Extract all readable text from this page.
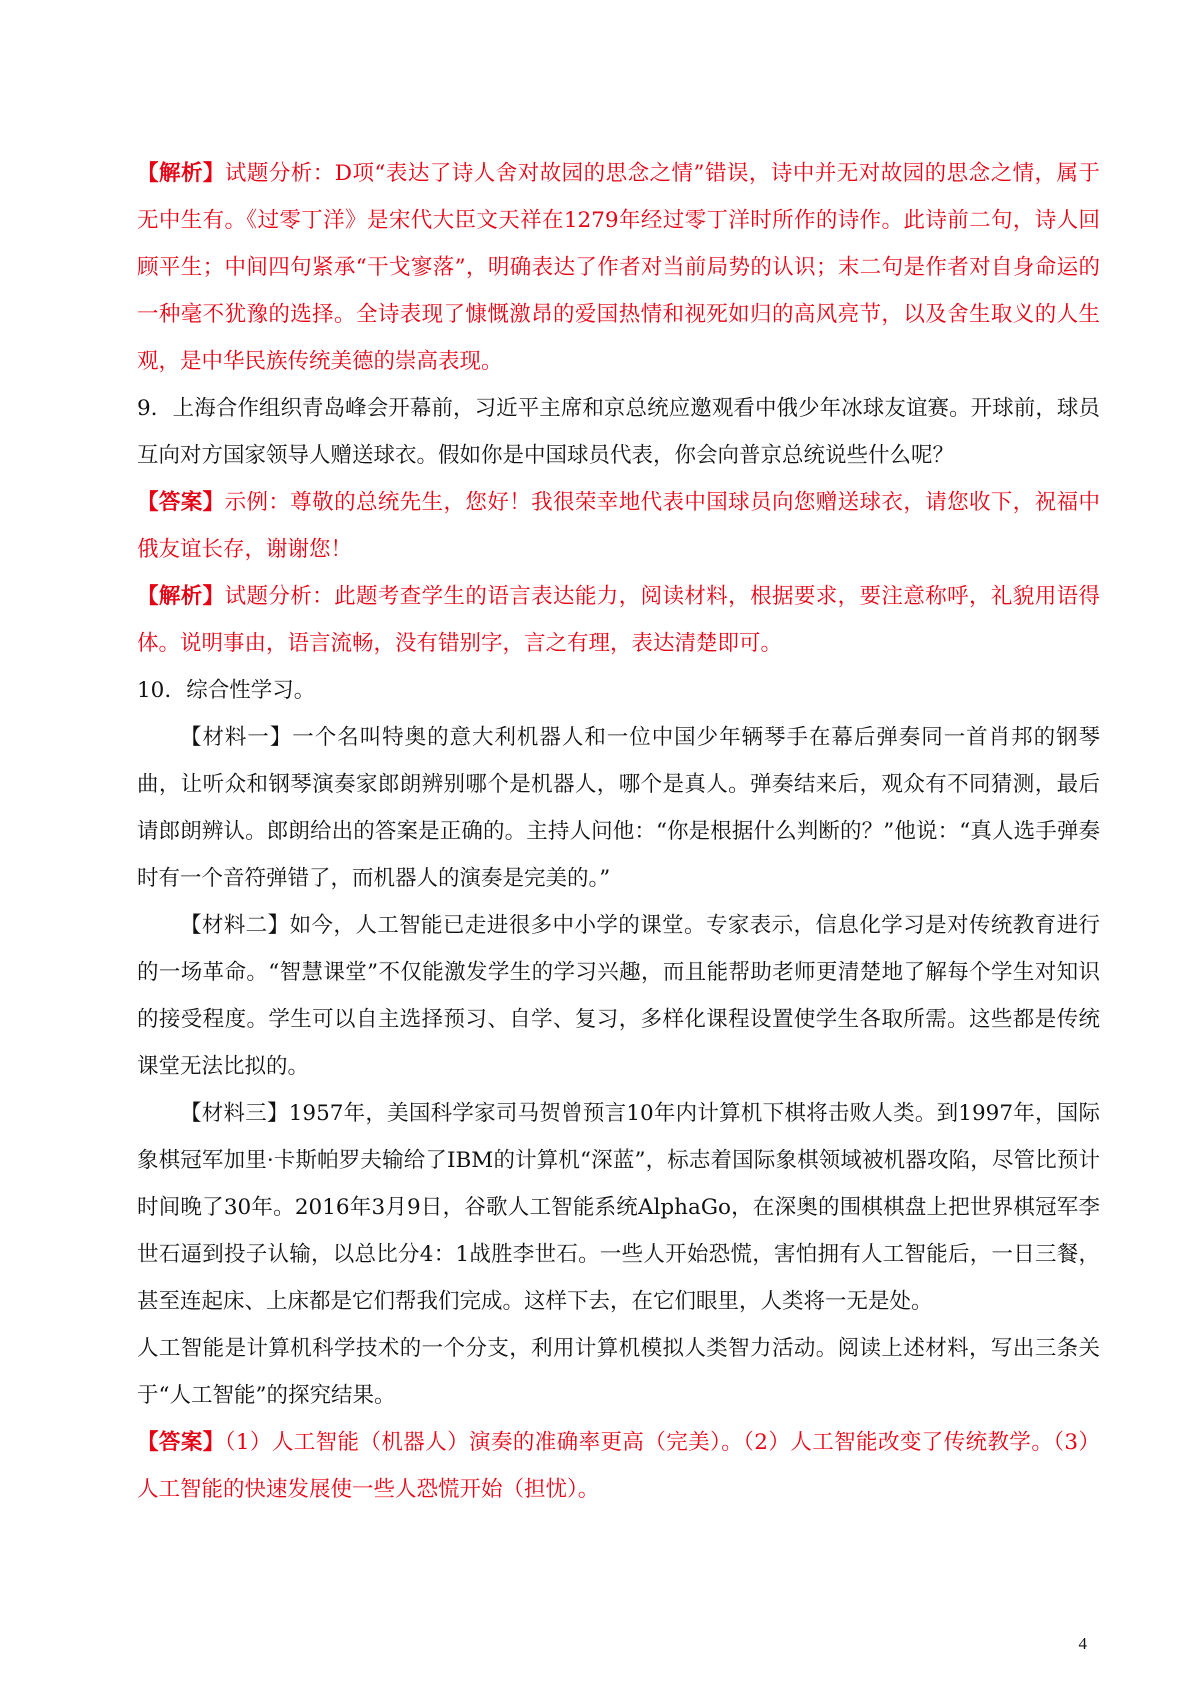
【解析】试题分析：D项“表达了诗人舍对故园的思念之情”错误，诗中并无对故园的思念之情，属于无中生有。《过零丁洋》是宋代大臣文天祥在1279年经过零丁洋时所作的诗作。此诗前二句，诗人回顾平生；中间四句紧承“干戈寥落”，明确表达了作者对当前局势的认识；末二句是作者对自身命运的一种毫不犹豫的选择。全诗表现了慷慨激昂的爱国热情和视死如归的高风亮节，以及舍生取义的人生观，是中华民族传统美德的崇高表现。

9. 上海合作组织青岛峰会开幕前，习近平主席和京总统应邀观看中俄少年冰球友谊赛。开球前，球员互向对方国家领导人赠送球衣。假如你是中国球员代表，你会向普京总统说些什么呢？

【答案】示例：尊敬的总统先生，您好！我很荣幸地代表中国球员向您赠送球衣，请您收下，祝福中俄友谊长存，谢谢您！

【解析】试题分析：此题考查学生的语言表达能力，阅读材料，根据要求，要注意称呼，礼貌用语得体。说明事由，语言流畅，没有错别字，言之有理，表达清楚即可。

10. 综合性学习。

【材料一】一个名叫特奥的意大利机器人和一位中国少年辆琴手在幕后弹奏同一首肖邦的钢琴曲，让听众和钢琴演奏家郎朗辨别哪个是机器人，哪个是真人。弹奏结来后，观众有不同猜测，最后请郎朗辨认。郎朗给出的答案是正确的。主持人问他：“你是根据什么判断的？”他说：“真人选手弹奏时有一个音符弹错了，而机器人的演奏是完美的。”

【材料二】如今，人工智能已走进很多中小学的课堂。专家表示，信息化学习是对传统教育进行的一场革命。“智慧课堂”不仅能激发学生的学习兴趣，而且能帮助老师更清楚地了解每个学生对知识的接受程度。学生可以自主选择预习、自学、复习，多样化课程设置使学生各取所需。这些都是传统课堂无法比拟的。

【材料三】1957年，美国科学家司马贺曾预言10年内计算机下棋将击败人类。到1997年，国际象棋冠军加里·卡斯帕罗夫输给了IBM的计算机“深蓝”，标志着国际象棋领域被机器攻陷，尽管比预计时间晚了30年。2016年3月9日，谷歌人工智能系统AlphaGo，在深奥的围棋棋盘上把世界棋冠军李世石逼到投子认输，以总比分4：1战胜李世石。一些人开始恐慌，害怕拥有人工智能后，一日三餐，甚至连起床、上床都是它们帮我们完成。这样下去，在它们眼里，人类将一无是处。

人工智能是计算机科学技术的一个分支，利用计算机模拟人类智力活动。阅读上述材料，写出三条关于“人工智能”的探究结果。

【答案】（1）人工智能（机器人）演奏的准确率更高（完美）。（2）人工智能改变了传统教学。（3）人工智能的快速发展使一些人恐慌开始（担忧）。

4
